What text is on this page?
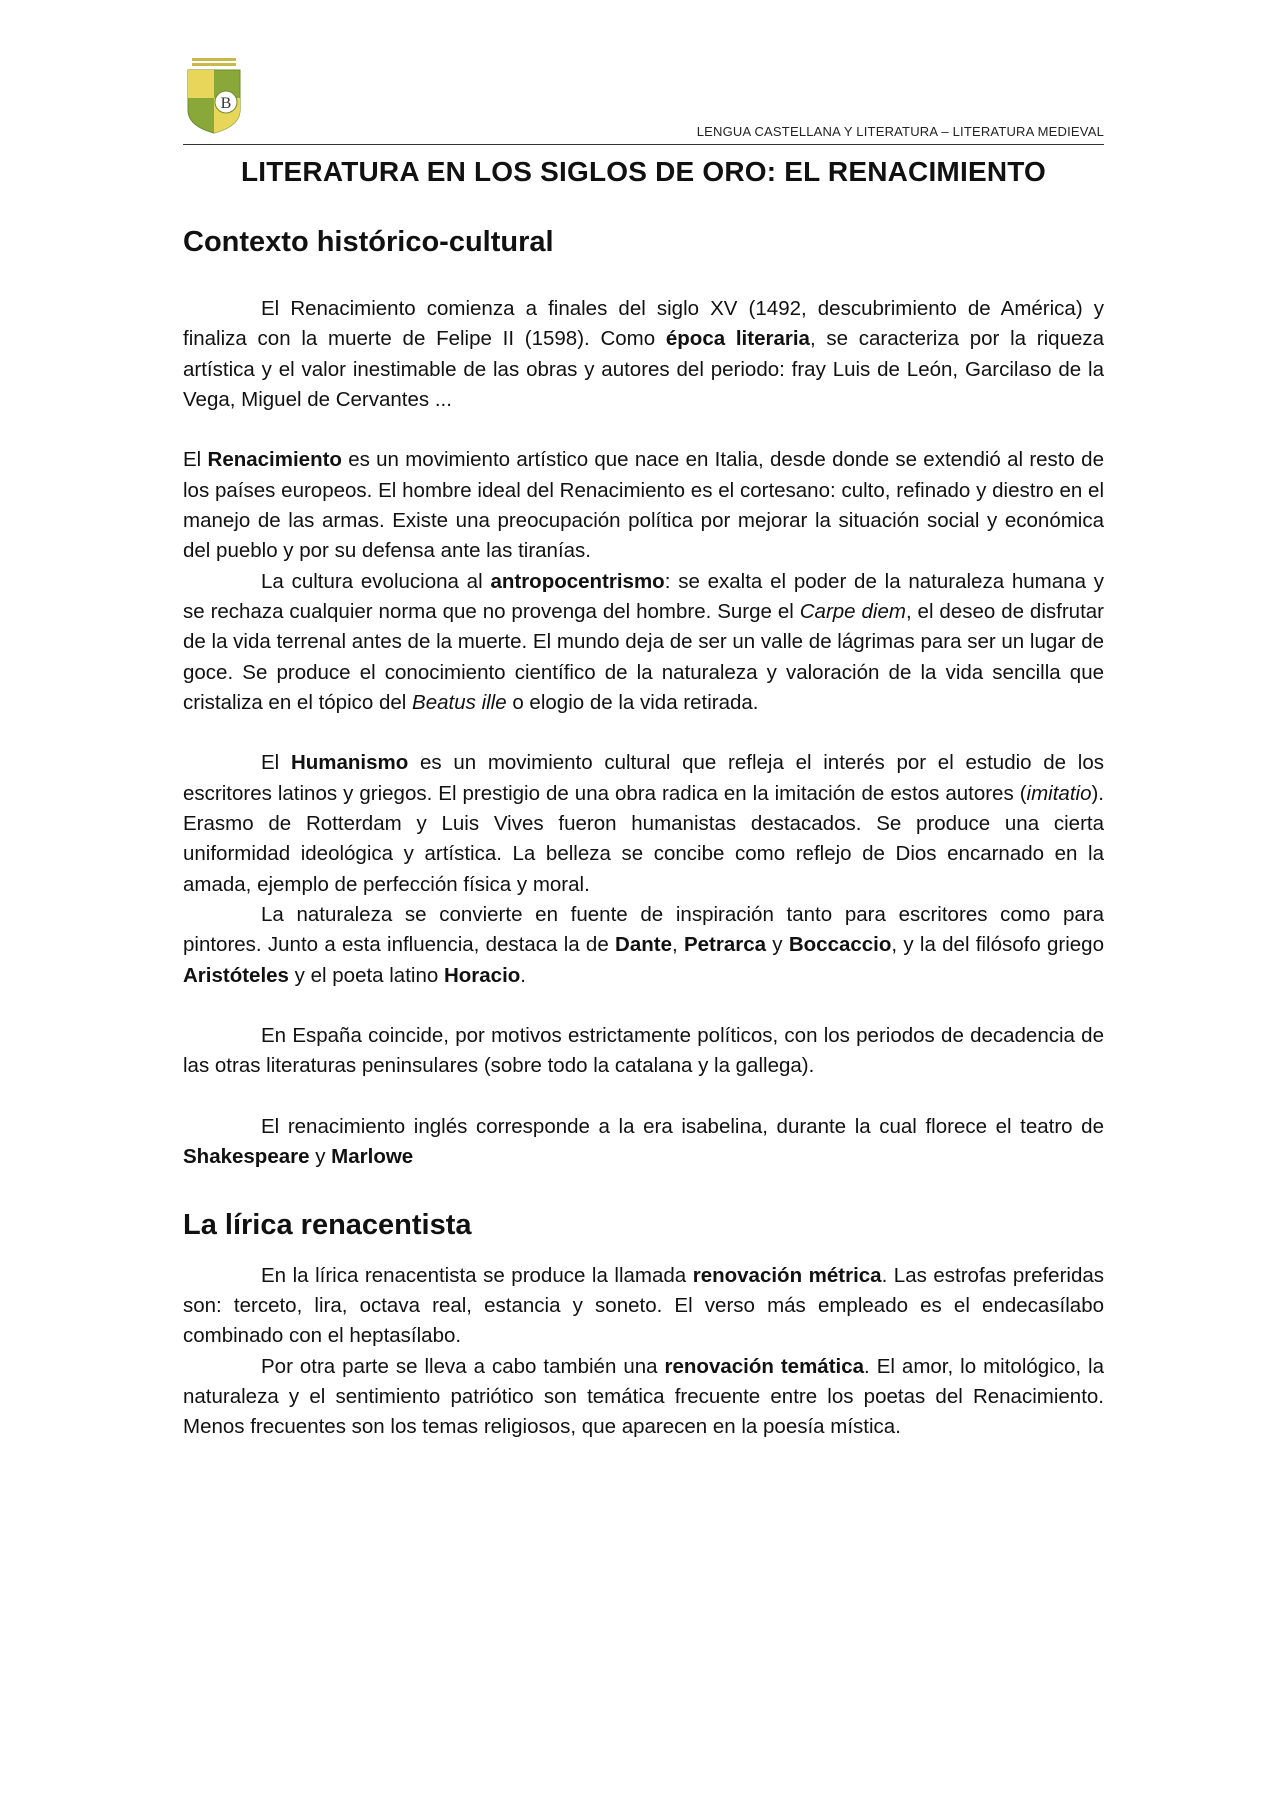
B
LENGUA CASTELLANA Y LITERATURA – LITERATURA MEDIEVAL
LITERATURA EN LOS SIGLOS DE ORO: EL RENACIMIENTO
Contexto histórico-cultural

El Renacimiento comienza a finales del siglo XV (1492, descubrimiento de América) y finaliza con la muerte de Felipe II (1598). Como época literaria, se caracteriza por la riqueza artística y el valor inestimable de las obras y autores del periodo: fray Luis de León, Garcilaso de la Vega, Miguel de Cervantes ...

El Renacimiento es un movimiento artístico que nace en Italia, desde donde se extendió al resto de los países europeos. El hombre ideal del Renacimiento es el cortesano: culto, refinado y diestro en el manejo de las armas. Existe una preocupación política por mejorar la situación social y económica del pueblo y por su defensa ante las tiranías.

La cultura evoluciona al antropocentrismo: se exalta el poder de la naturaleza humana y se rechaza cualquier norma que no provenga del hombre. Surge el Carpe diem, el deseo de disfrutar de la vida terrenal antes de la muerte. El mundo deja de ser un valle de lágrimas para ser un lugar de goce. Se produce el conocimiento científico de la naturaleza y valoración de la vida sencilla que cristaliza en el tópico del Beatus ille o elogio de la vida retirada.

El Humanismo es un movimiento cultural que refleja el interés por el estudio de los escritores latinos y griegos. El prestigio de una obra radica en la imitación de estos autores (imitatio). Erasmo de Rotterdam y Luis Vives fueron humanistas destacados. Se produce una cierta uniformidad ideológica y artística. La belleza se concibe como reflejo de Dios encarnado en la amada, ejemplo de perfección física y moral.

La naturaleza se convierte en fuente de inspiración tanto para escritores como para pintores. Junto a esta influencia, destaca la de Dante, Petrarca y Boccaccio, y la del filósofo griego Aristóteles y el poeta latino Horacio.

En España coincide, por motivos estrictamente políticos, con los periodos de decadencia de las otras literaturas peninsulares (sobre todo la catalana y la gallega).

El renacimiento inglés corresponde a la era isabelina, durante la cual florece el teatro de Shakespeare y Marlowe

La lírica renacentista

En la lírica renacentista se produce la llamada renovación métrica. Las estrofas preferidas son: terceto, lira, octava real, estancia y soneto. El verso más empleado es el endecasílabo combinado con el heptasílabo.

Por otra parte se lleva a cabo también una renovación temática. El amor, lo mitológico, la naturaleza y el sentimiento patriótico son temática frecuente entre los poetas del Renacimiento. Menos frecuentes son los temas religiosos, que aparecen en la poesía mística.
